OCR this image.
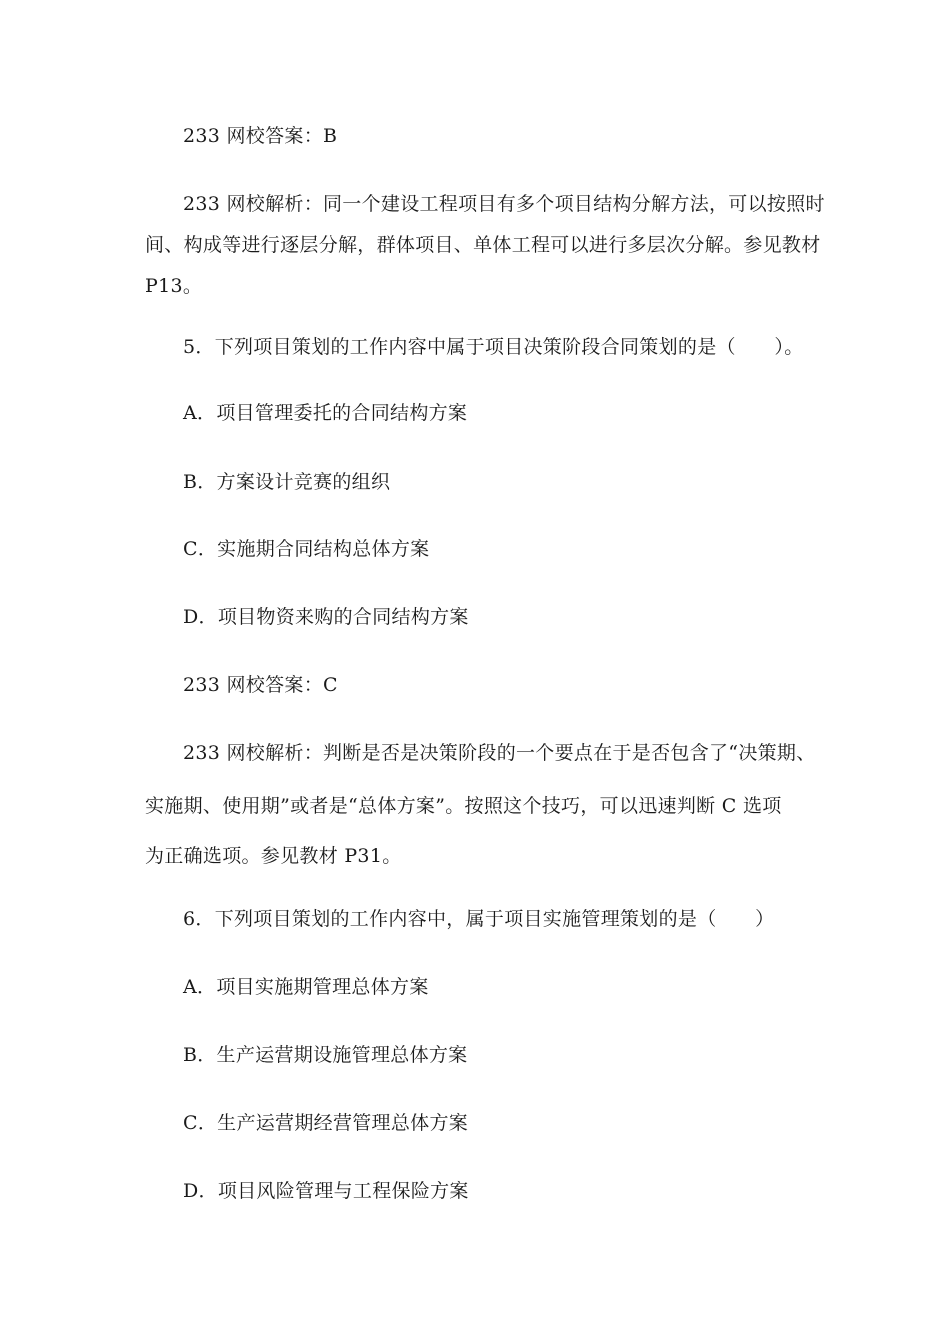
233 网校答案：B

233 网校解析：同一个建设工程项目有多个项目结构分解方法，可以按照时
间、构成等进行逐层分解，群体项目、单体工程可以进行多层次分解。参见教材
P13。

5．下列项目策划的工作内容中属于项目决策阶段合同策划的是（　　）。

A．项目管理委托的合同结构方案

B．方案设计竞赛的组织

C．实施期合同结构总体方案

D．项目物资来购的合同结构方案

233 网校答案：C

233 网校解析：判断是否是决策阶段的一个要点在于是否包含了“决策期、

实施期、使用期”或者是“总体方案”。按照这个技巧，可以迅速判断 C 选项

为正确选项。参见教材 P31。

6．下列项目策划的工作内容中，属于项目实施管理策划的是（　　）

A．项目实施期管理总体方案

B．生产运营期设施管理总体方案

C．生产运营期经营管理总体方案

D．项目风险管理与工程保险方案
